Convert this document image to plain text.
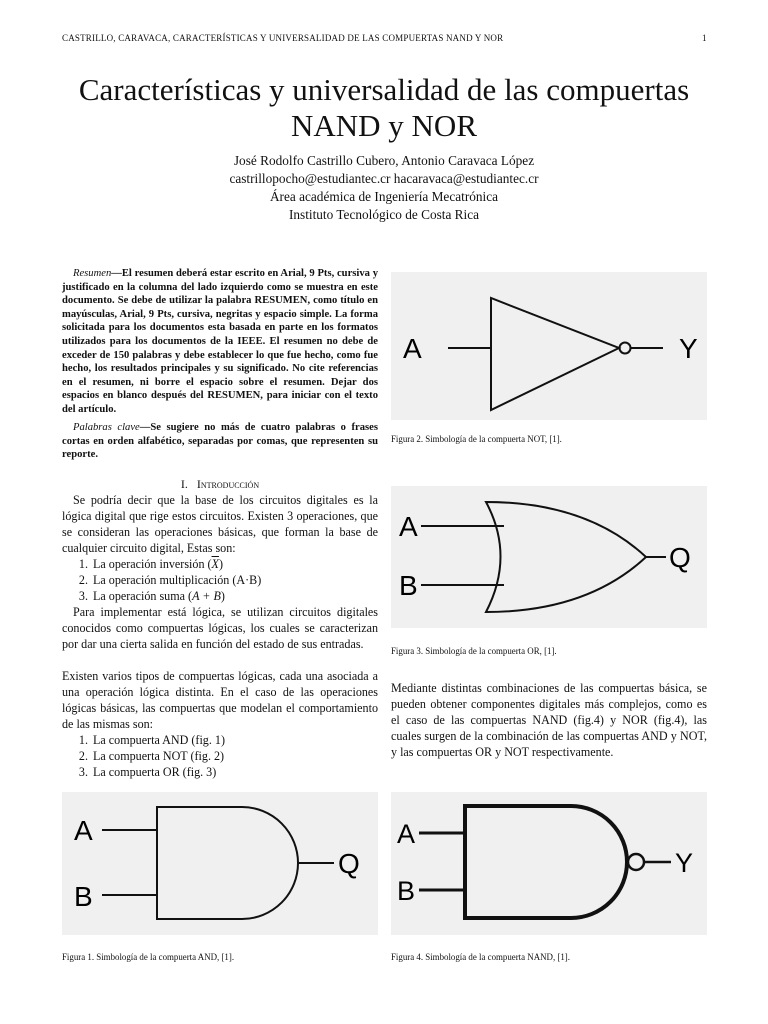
CASTRILLO, CARAVACA, CARACTERÍSTICAS Y UNIVERSALIDAD DE LAS COMPUERTAS NAND Y NOR	1
Características y universalidad de las compuertas
NAND y NOR
José Rodolfo Castrillo Cubero, Antonio Caravaca López
castrillopocho@estudiantec.cr hacaravaca@estudiantec.cr
Área académica de Ingeniería Mecatrónica
Instituto Tecnológico de Costa Rica
Resumen—El resumen deberá estar escrito en Arial, 9 Pts, cursiva y justificado en la columna del lado izquierdo como se muestra en este documento. Se debe de utilizar la palabra RESUMEN, como título en mayúsculas, Arial, 9 Pts, cursiva, negritas y espacio simple. La forma solicitada para los documentos esta basada en parte en los formatos utilizados para los documentos de la IEEE. El resumen no debe de exceder de 150 palabras y debe establecer lo que fue hecho, como fue hecho, los resultados principales y su significado. No cite referencias en el resumen, ni borre el espacio sobre el resumen. Dejar dos espacios en blanco después del RESUMEN, para iniciar con el texto del artículo.
Palabras clave—Se sugiere no más de cuatro palabras o frases cortas en orden alfabético, separadas por comas, que representen su reporte.
I. Introducción

Se podría decir que la base de los circuitos digitales es la lógica digital que rige estos circuitos. Existen 3 operaciones, que se consideran las operaciones básicas, que forman la base de cualquier circuito digital, Estas son:

1. La operación inversión $(\overline{X})$
2. La operación multiplicación (A·B)
3. La operación suma (A + B)

Para implementar está lógica, se utilizan circuitos digitales conocidos como compuertas lógicas, los cuales se caracterizan por dar una cierta salida en función del estado de sus entradas.

Existen varios tipos de compuertas lógicas, cada una asociada a una operación lógica distinta. En el caso de las operaciones lógicas básicas, las compuertas que modelan el comportamiento de las mismas son:

1. La compuerta AND (fig. 1)
2. La compuerta NOT (fig. 2)
3. La compuerta OR (fig. 3)
Mediante distintas combinaciones de las compuertas básica, se pueden obtener componentes digitales más complejos, como es el caso de las compuertas NAND (fig.4) y NOR (fig.4), las cuales surgen de la combinación de las compuertas AND y NOT, y las compuertas OR y NOT respectivamente.
A	Y
Figura 2. Simbología de la compuerta NOT, [1].
A
B
Q
Figura 3. Simbología de la compuerta OR, [1].
A
B
Q
Figura 1. Simbología de la compuerta AND, [1].
A
B
Y
Figura 4. Simbología de la compuerta NAND, [1].
